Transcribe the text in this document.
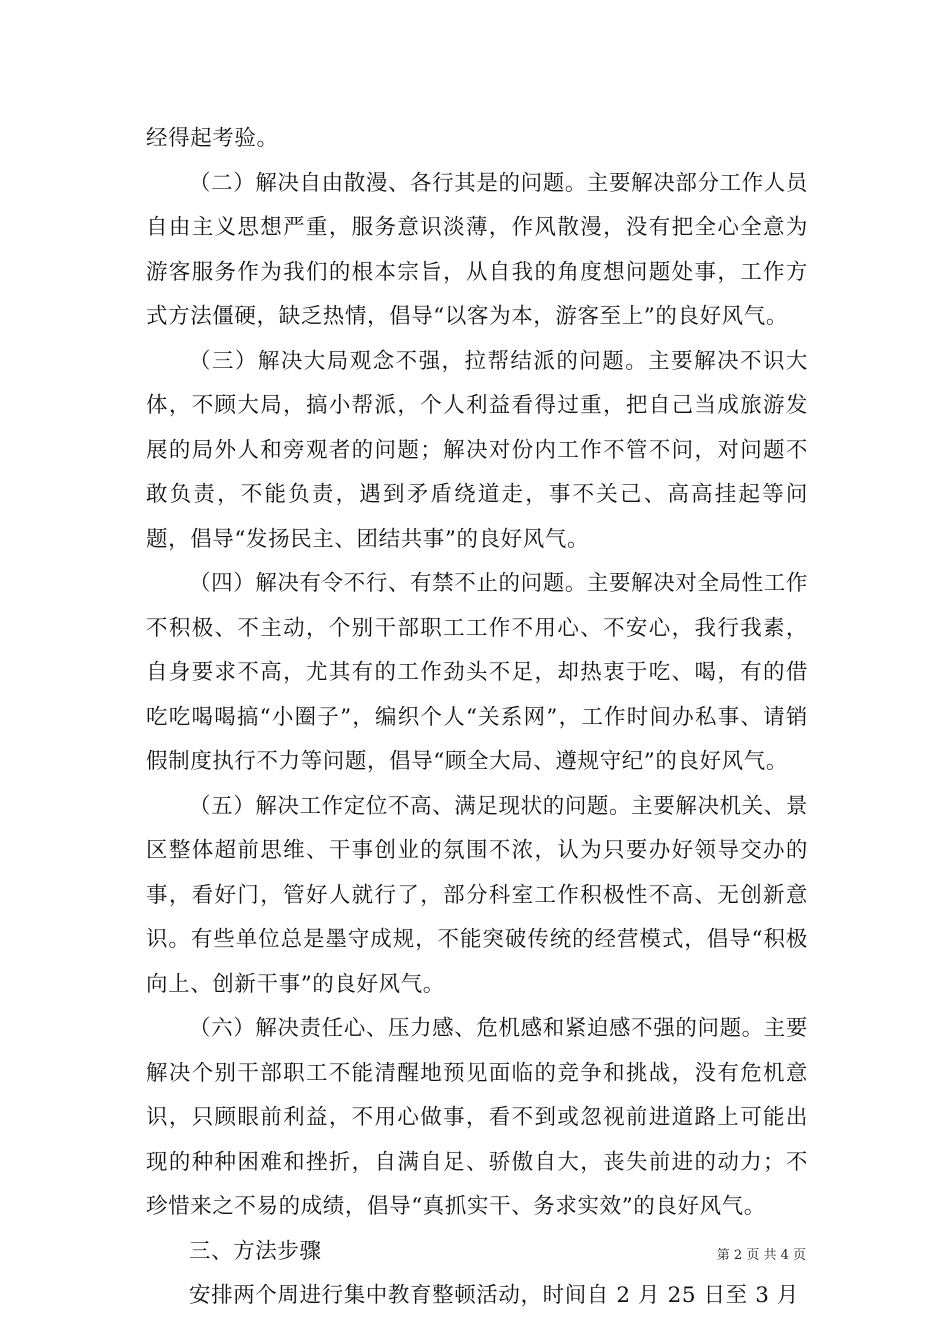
经得起考验。

（二）解决自由散漫、各行其是的问题。主要解决部分工作人员自由主义思想严重，服务意识淡薄，作风散漫，没有把全心全意为游客服务作为我们的根本宗旨，从自我的角度想问题处事，工作方式方法僵硬，缺乏热情，倡导“以客为本，游客至上”的良好风气。

（三）解决大局观念不强，拉帮结派的问题。主要解决不识大体，不顾大局，搞小帮派，个人利益看得过重，把自己当成旅游发展的局外人和旁观者的问题；解决对份内工作不管不问，对问题不敢负责，不能负责，遇到矛盾绕道走，事不关己、高高挂起等问题，倡导“发扬民主、团结共事”的良好风气。

（四）解决有令不行、有禁不止的问题。主要解决对全局性工作不积极、不主动，个别干部职工工作不用心、不安心，我行我素，自身要求不高，尤其有的工作劲头不足，却热衷于吃、喝，有的借吃吃喝喝搞“小圈子”，编织个人“关系网”，工作时间办私事、请销假制度执行不力等问题，倡导“顾全大局、遵规守纪”的良好风气。

（五）解决工作定位不高、满足现状的问题。主要解决机关、景区整体超前思维、干事创业的氛围不浓，认为只要办好领导交办的事，看好门，管好人就行了，部分科室工作积极性不高、无创新意识。有些单位总是墨守成规，不能突破传统的经营模式，倡导“积极向上、创新干事”的良好风气。

（六）解决责任心、压力感、危机感和紧迫感不强的问题。主要解决个别干部职工不能清醒地预见面临的竞争和挑战，没有危机意识，只顾眼前利益，不用心做事，看不到或忽视前进道路上可能出现的种种困难和挫折，自满自足、骄傲自大，丧失前进的动力；不珍惜来之不易的成绩，倡导“真抓实干、务求实效”的良好风气。

三、方法步骤

安排两个周进行集中教育整顿活动，时间自 2 月 25 日至 3 月

第 2 页 共 4 页
